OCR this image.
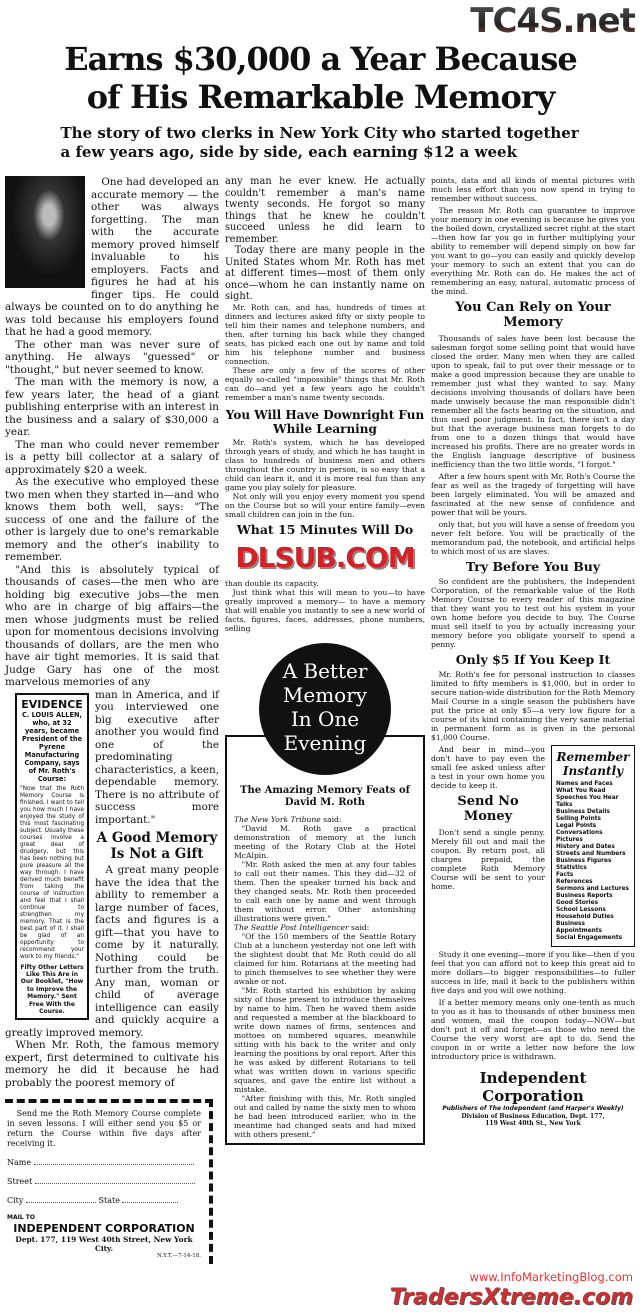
TC4S.net
Earns $30,000 a Year Because
of His Remarkable Memory
The story of two clerks in New York City who started together a few years ago, side by side, each earning $12 a week

One had developed an accurate memory — the other was always forgetting. The man with the accurate memory proved himself invaluable to his employers. Facts and figures he had at his finger tips. He could always be counted on to do anything he was told because his employers found that he had a good memory.

The other man was never sure of anything. He always "guessed" or "thought," but never seemed to know.

The man with the memory is now, a few years later, the head of a giant publishing enterprise with an interest in the business and a salary of $30,000 a year.

The man who could never remember is a petty bill collector at a salary of approximately $20 a week.

As the executive who employed these two men when they started in—and who knows them both well, says: "The success of one and the failure of the other is largely due to one's remarkable memory and the other's inability to remember.

"And this is absolutely typical of thousands of cases—the men who are holding big executive jobs—the men who are in charge of big affairs—the men whose judgments must be relied upon for momentous decisions involving thousands of dollars, are the men who have air tight memories. It is said that Judge Gary has one of the most marvelous memories of any

EVIDENCE
C. LOUIS ALLEN, who, at 32 years, became President of the Pyrene Manufacturing Company, says of Mr. Roth's Course:
"Now that the Roth Memory Course is finished, I want to tell you how much I have enjoyed the study of this most fascinating subject. Usually these courses involve a great deal of drudgery, but this has been nothing but pure pleasure all the way through. I have derived much benefit from taking the course of instruction and feel that I shall continue to strengthen my memory. That is the best part of it. I shall be glad of an opportunity to recommend your work to my friends."
Fifty Other Letters Like This Are in Our Booklet, "How to Improve the Memory." Sent Free With the Course.

man in America, and if you interviewed one big executive after another you would find one of the predominating characteristics, a keen, dependable memory. There is no attribute of success more important."

A Good Memory Is Not a Gift

A great many people have the idea that the ability to remember a large number of faces, facts and figures is a gift—that you have to come by it naturally. Nothing could be further from the truth. Any man, woman or child of average intelligence can easily and quickly acquire a greatly improved memory.

When Mr. Roth, the famous memory expert, first determined to cultivate his memory he did it because he had probably the poorest memory of

Send me the Roth Memory Course complete in seven lessons. I will either send you $5 or return the Course within five days after receiving it.

Name
Street
City	State
MAIL TO
INDEPENDENT CORPORATION
Dept. 177, 119 West 40th Street, New York City.
N.Y.T.—7-14-18.

any man he ever knew. He actually couldn't remember a man's name twenty seconds. He forgot so many things that he knew he couldn't succeed unless he did learn to remember.

Today there are many people in the United States whom Mr. Roth has met at different times—most of them only once—whom he can instantly name on sight.

Mr. Roth can, and has, hundreds of times at dinners and lectures asked fifty or sixty people to tell him their names and telephone numbers, and then, after turning his back while they changed seats, has picked each one out by name and told him his telephone number and business connection.

These are only a few of the scores of other equally so-called "impossible" things that Mr. Roth can do—and yet a few years ago he couldn't remember a man's name twenty seconds.

You Will Have Downright Fun While Learning

Mr. Roth's system, which he has developed through years of study, and which he has taught in class to hundreds of business men and others throughout the country in person, is so easy that a child can learn it, and it is more real fun than any game you play solely for pleasure.

Not only will you enjoy every moment you spend on the Course but so will your entire family—even small children can join in the fun.

What 15 Minutes Will Do
DLSUB.COM

than double its capacity.

Just think what this will mean to you—to have greatly improved a memory— to have a memory that will enable you instantly to see a new world of facts, figures, faces, addresses, phone numbers, selling

A Better
Memory
In One
Evening
The Amazing Memory Feats of David M. Roth
The New York Tribune said:

"David M. Roth gave a practical demonstration of memory at the lunch meeting of the Rotary Club at the Hotel McAlpin.

"Mr. Roth asked the men at any four tables to call out their names. This they did—32 of them. Then the speaker turned his back and they changed seats. Mr. Roth then proceeded to call each one by name and went through them without error. Other astonishing illustrations were given."

The Seattle Post Intelligencer said:

"Of the 150 members of the Seattle Rotary Club at a luncheon yesterday not one left with the slightest doubt that Mr. Roth could do all claimed for him. Rotarians at the meeting had to pinch themselves to see whether they were awake or not.

"Mr. Roth started his exhibition by asking sixty of those present to introduce themselves by name to him. Then he waved them aside and requested a member at the blackboard to write down names of firms, sentences and mottoes on numbered squares, meanwhile sitting with his back to the writer and only learning the positions by oral report. After this he was asked by different Rotarians to tell what was written down in various specific squares, and gave the entire list without a mistake.

"After finishing with this, Mr. Roth singled out and called by name the sixty men to whom he had been introduced earlier, who in the meantime had changed seats and had mixed with others present."

points, data and all kinds of mental pictures with much less effort than you now spend in trying to remember without success.

The reason Mr. Roth can guarantee to improve your memory in one evening is because he gives you the boiled down, crystallized secret right at the start—then how far you go in further multiplying your ability to remember will depend simply on how far you want to go—you can easily and quickly develop your memory to such an extent that you can do everything Mr. Roth can do. He makes the act of remembering an easy, natural, automatic process of the mind.

You Can Rely on Your Memory

Thousands of sales have been lost because the salesman forgot some selling point that would have closed the order. Many men when they are called upon to speak, fail to put over their message or to make a good impression because they are unable to remember just what they wanted to say. Many decisions involving thousands of dollars have been made unwisely because the man responsible didn't remember all the facts bearing on the situation, and thus used poor judgment. In fact, there isn't a day but that the average business man forgets to do from one to a dozen things that would have increased his profits. There are no greater words in the English language descriptive of business inefficiency than the two little words, "I forgot."

After a few hours spent with Mr. Roth's Course the fear as well as the tragedy of forgetting will have been largely eliminated. You will be amazed and fascinated at the new sense of confidence and power that will be yours.

only that, but you will have a sense of freedom you never felt before. You will be practically of the memorandum pad, the notebook, and artificial helps to which most of us are slaves.

Try Before You Buy

So confident are the publishers, the Independent Corporation, of the remarkable value of the Roth Memory Course to every reader of this magazine that they want you to test out his system in your own home before you decide to buy. The Course must sell itself to you by actually increasing your memory before you obligate yourself to spend a penny.

Only $5 If You Keep It

Mr. Roth's fee for personal instruction to classes limited to fifty members is $1,000, but in order to secure nation-wide distribution for the Roth Memory Mail Course in a single season the publishers have put the price at only $5—a very low figure for a course of its kind containing the very same material in permanent form as is given in the personal $1,000 Course.

Remember Instantly
Names and Faces
What You Read
Speeches You Hear
Talks
Business Details
Selling Points
Legal Points
Conversations
Pictures
History and Dates
Streets and Numbers
Business Figures
Statistics
Facts
References
Sermons and Lectures
Business Reports
Good Stories
School Lessons
Household Duties
Business Appointments
Social Engagements

And bear in mind—you don't have to pay even the small fee asked unless after a test in your own home you decide to keep it.

Send No Money

Don't send a single penny. Merely fill out and mail the coupon. By return post, all charges prepaid, the complete Roth Memory Course will be sent to your home.

Study it one evening—more if you like—then if you feel that you can afford not to keep this great aid to more dollars—to bigger responsibilities—to fuller success in life, mail it back to the publishers within five days and you will owe nothing.

If a better memory means only one-tenth as much to you as it has to thousands of other business men and women, mail the coupon today—NOW—but don't put it off and forget—as those who need the Course the very worst are apt to do. Send the coupon in or write a letter now before the low introductory price is withdrawn.

Independent Corporation
Publishers of The Independent (and Harper's Weekly)
Division of Business Education, Dept. 177,
119 West 40th St., New York
www.InfoMarketingBlog.com
TradersXtreme.com
